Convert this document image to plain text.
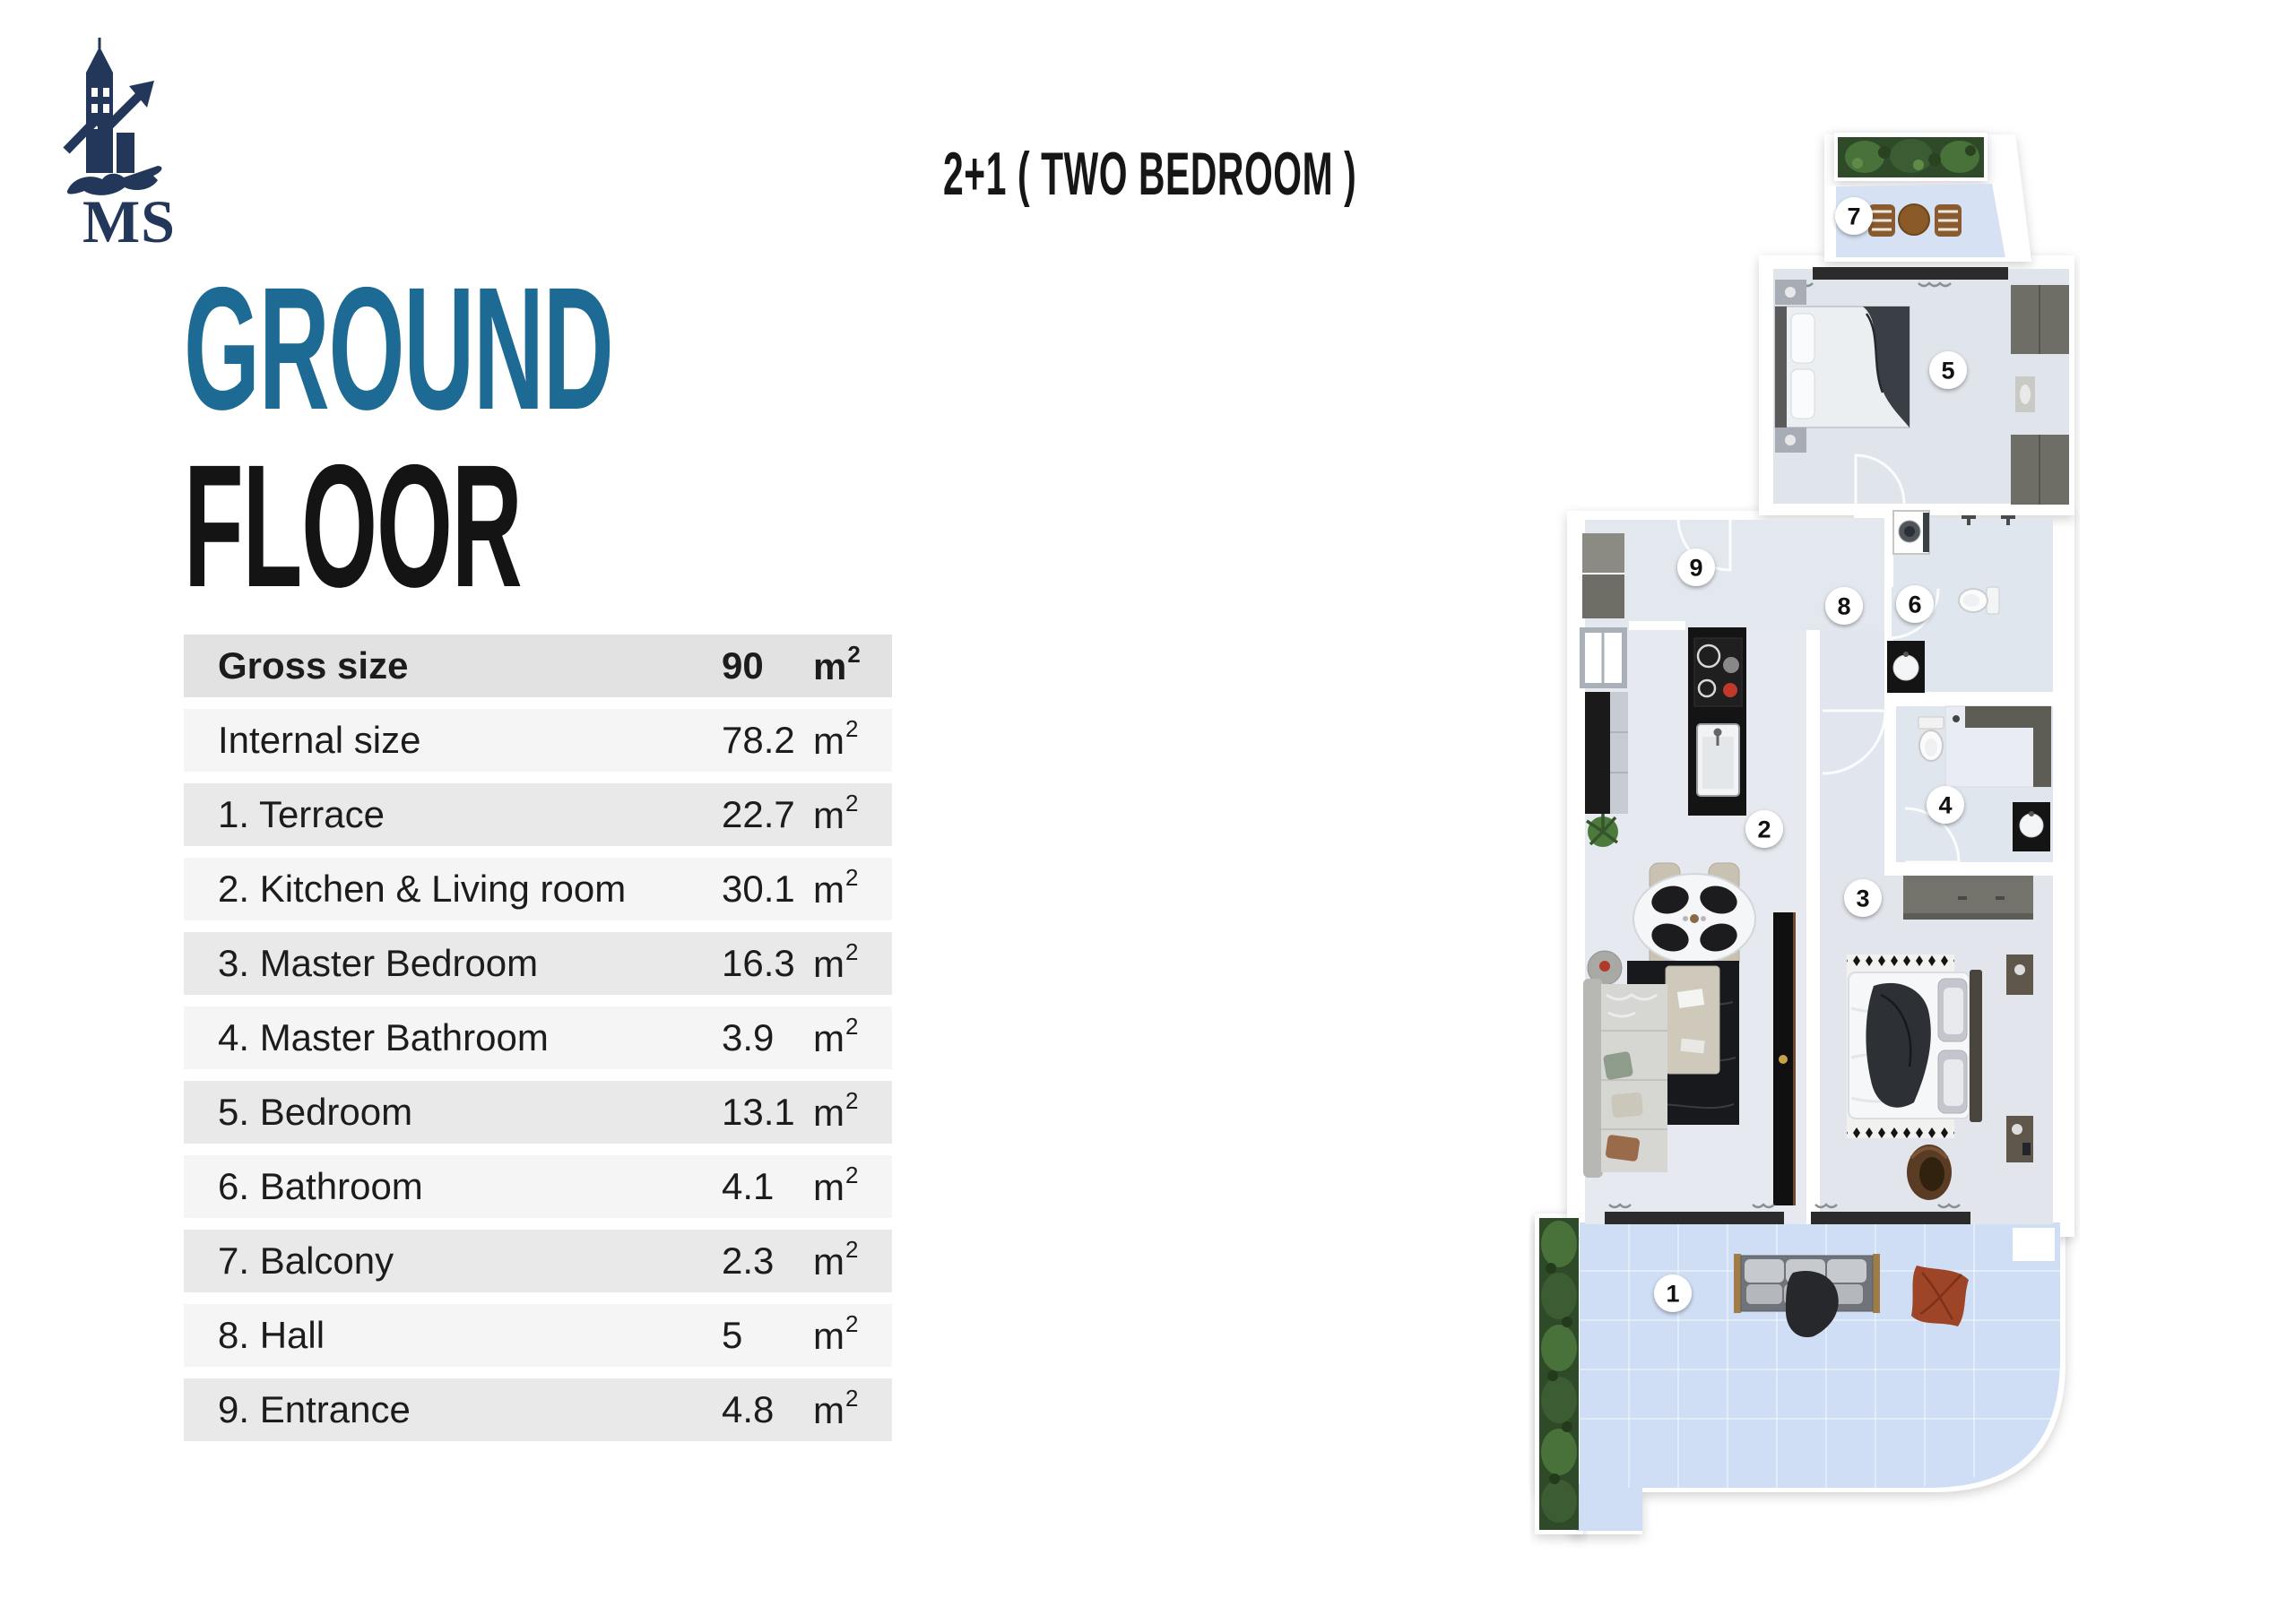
MS
2+1 ( TWO BEDROOM )
GROUND
FLOOR
Gross size	90 $m^2$
Internal size	78.2 $m^2$
1. Terrace	22.7 $m^2$
2. Kitchen & Living room	30.1 $m^2$
3. Master Bedroom	16.3 $m^2$
4. Master Bathroom	3.9 $m^2$
5. Bedroom	13.1 $m^2$
6. Bathroom	4.1 $m^2$
7. Balcony	2.3 $m^2$
8. Hall	5 $m^2$
9. Entrance	4.8 $m^2$
1
2
3
4
5
6
7
8
9
